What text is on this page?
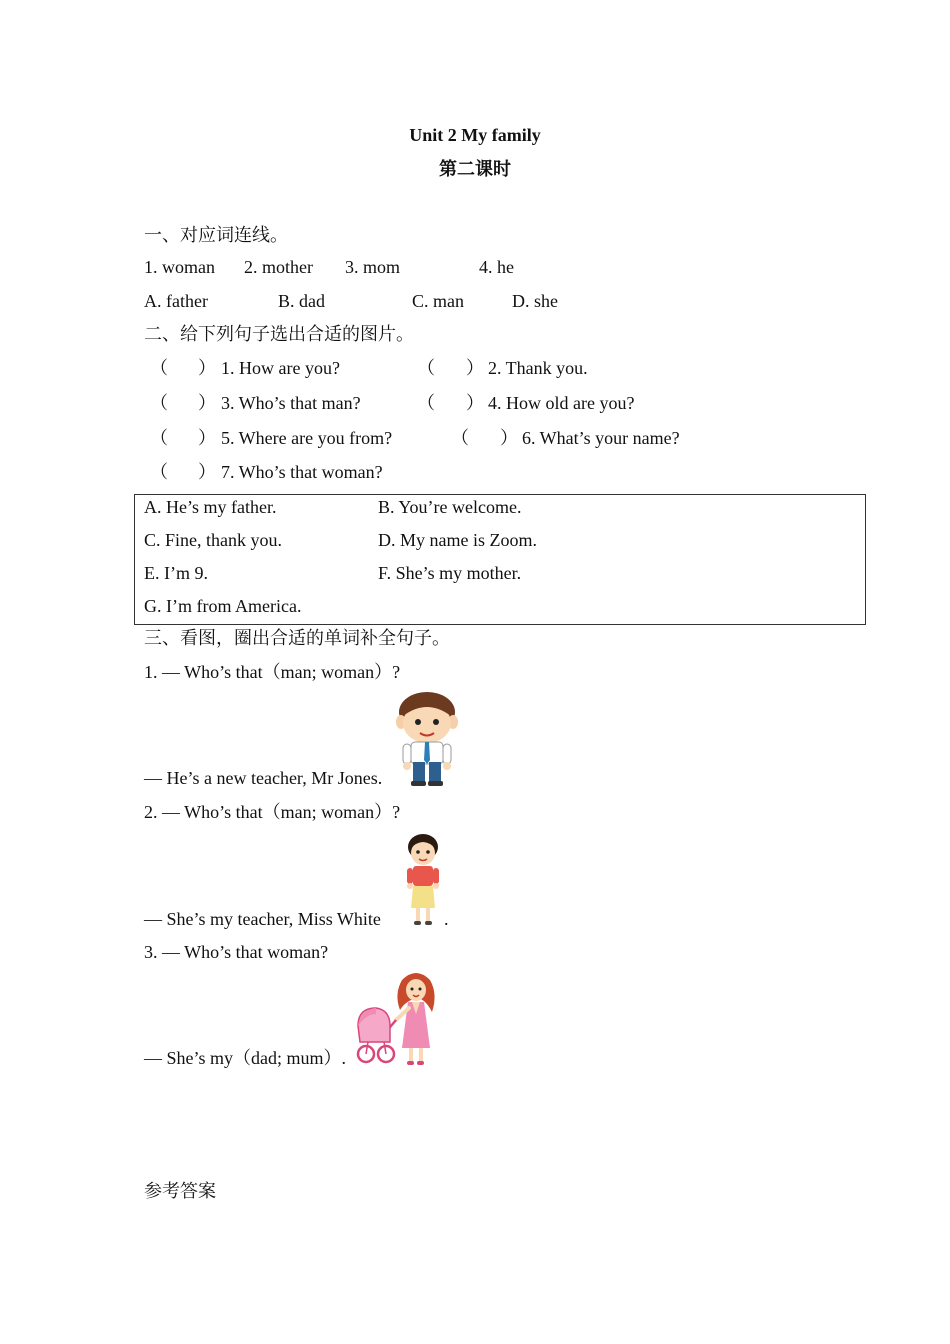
Unit 2 My family
第二课时
一、对应词连线。
1. woman 2. mother 3. mom	4. he
A. father	B. dad	C. man	D. she
二、给下列句子选出合适的图片。
（ ） 1. How are you?	（ ） 2. Thank you.
（ ） 3. Who’s that man?	（ ） 4. How old are you?
（ ） 5. Where are you from?	（ ） 6. What’s your name?
（ ） 7. Who’s that woman?
A. He’s my father.	B. You’re welcome.
C. Fine, thank you.	D. My name is Zoom.
E. I’m 9.	F. She’s my mother.
G. I’m from America.
三、看图，圈出合适的单词补全句子。
1. — Who’s that（man; woman）?
— He’s a new teacher, Mr Jones.
2. — Who’s that（man; woman）?
— She’s my teacher, Miss White	.
3. — Who’s that woman?
— She’s my（dad; mum）.
参考答案
